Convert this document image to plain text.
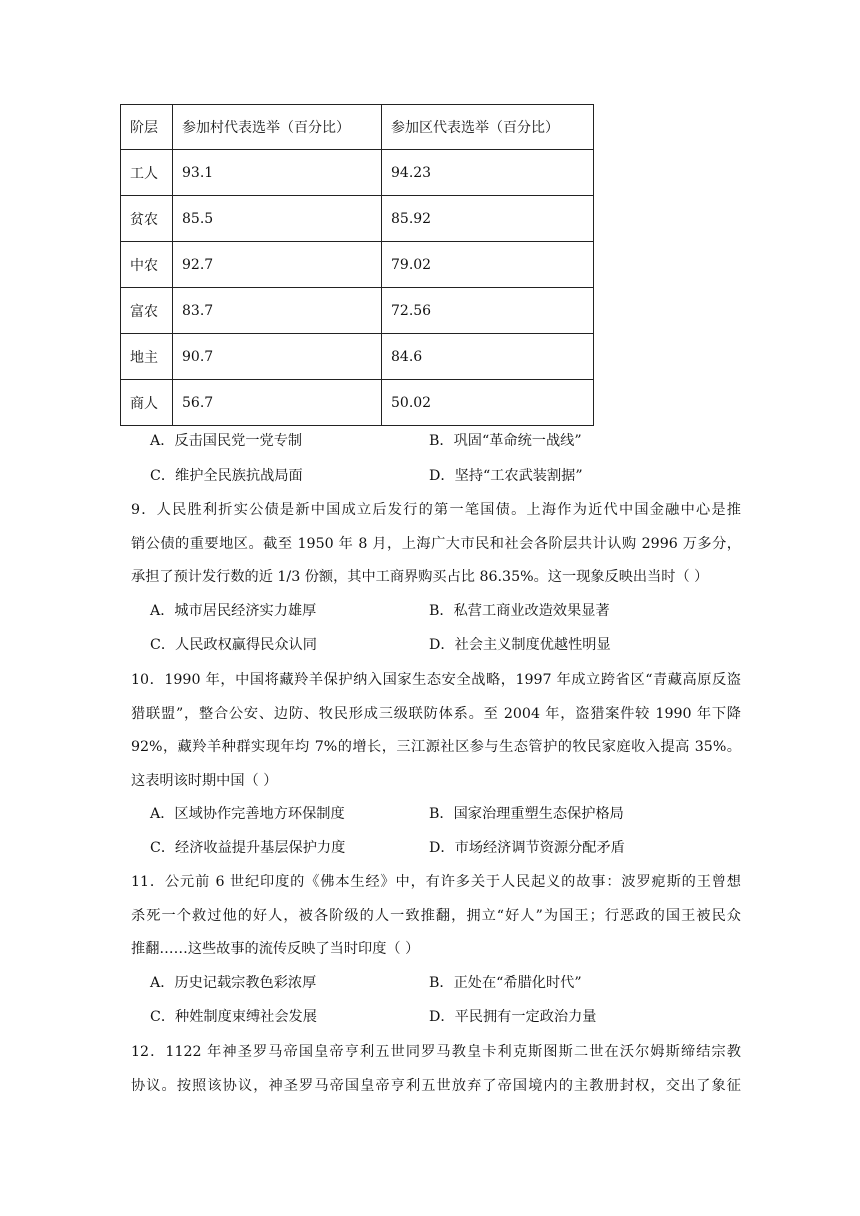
阶层	参加村代表选举（百分比）	参加区代表选举（百分比）
工人	93.1	94.23
贫农	85.5	85.92
中农	92.7	79.02
富农	83.7	72.56
地主	90.7	84.6
商人	56.7	50.02
A．反击国民党一党专制	B．巩固“革命统一战线”
C．维护全民族抗战局面	D．坚持“工农武装割据”
9．人民胜利折实公债是新中国成立后发行的第一笔国债。上海作为近代中国金融中心是推
销公债的重要地区。截至 1950 年 8 月，上海广大市民和社会各阶层共计认购 2996 万多分，
承担了预计发行数的近 1/3 份额，其中工商界购买占比 86.35%。这一现象反映出当时（ ）
A．城市居民经济实力雄厚	B．私营工商业改造效果显著
C．人民政权赢得民众认同	D．社会主义制度优越性明显
10．1990 年，中国将藏羚羊保护纳入国家生态安全战略，1997 年成立跨省区“青藏高原反盗
猎联盟”，整合公安、边防、牧民形成三级联防体系。至 2004 年，盗猎案件较 1990 年下降
92%，藏羚羊种群实现年均 7%的增长，三江源社区参与生态管护的牧民家庭收入提高 35%。
这表明该时期中国（ ）
A．区域协作完善地方环保制度	B．国家治理重塑生态保护格局
C．经济收益提升基层保护力度	D．市场经济调节资源分配矛盾
11．公元前 6 世纪印度的《佛本生经》中，有许多关于人民起义的故事：波罗痆斯的王曾想
杀死一个救过他的好人，被各阶级的人一致推翻，拥立“好人”为国王；行恶政的国王被民众
推翻……这些故事的流传反映了当时印度（ ）
A．历史记载宗教色彩浓厚	B．正处在“希腊化时代”
C．种姓制度束缚社会发展	D．平民拥有一定政治力量
12．1122 年神圣罗马帝国皇帝亨利五世同罗马教皇卡利克斯图斯二世在沃尔姆斯缔结宗教
协议。按照该协议，神圣罗马帝国皇帝亨利五世放弃了帝国境内的主教册封权，交出了象征
